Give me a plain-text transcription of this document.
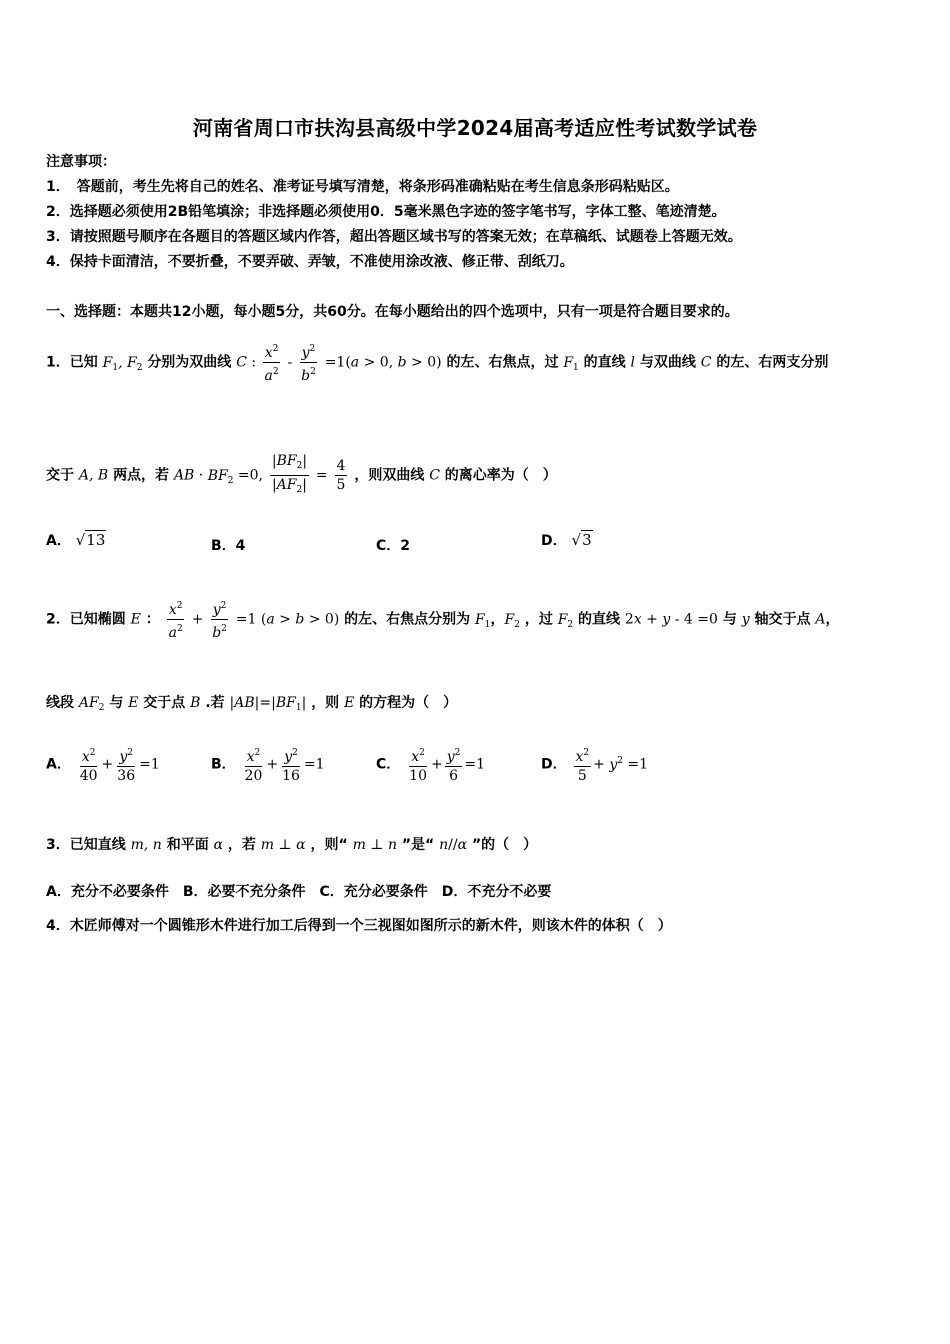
河南省周口市扶沟县高级中学2024届高考适应性考试数学试卷
注意事项：
1．　答题前，考生先将自己的姓名、准考证号填写清楚，将条形码准确粘贴在考生信息条形码粘贴区。
2．选择题必须使用2B铅笔填涂；非选择题必须使用0．5毫米黑色字迹的签字笔书写，字体工整、笔迹清楚。
3．请按照题号顺序在各题目的答题区域内作答，超出答题区域书写的答案无效；在草稿纸、试题卷上答题无效。
4．保持卡面清洁，不要折叠，不要弄破、弄皱，不准使用涂改液、修正带、刮纸刀。
一、选择题：本题共12小题，每小题5分，共60分。在每小题给出的四个选项中，只有一项是符合题目要求的。
1．已知 $F_1$, $F_2$ 分别为双曲线 C : $\frac{x^2}{a^2} - \frac{y^2}{b^2} =1(a > 0$, b > 0) 的左、右焦点，过 $F_1$ 的直线 l 与双曲线 C 的左、右两支分别
交于 A, B 两点，若 AB · $BF_2 =0$, $\frac{|BF_2|}{|AF_2|} = \frac{4}{5}$ ，则双曲线 C 的离心率为（　）
A． √13	B．4	C．2	D． √3
2．已知椭圆 E ： $\frac{x^2}{a^2} + \frac{y^2}{b^2} =1$ (a > b > 0) 的左、右焦点分别为 $F_1$，$F_2$ ，过 $F_2$ 的直线 2x + y - 4 =0 与 y 轴交于点 A，
线段 $AF_2$ 与 E 交于点 B .若 $|AB|=|BF_1|$ ，则 E 的方程为（　）
A． $\frac{x^2}{40} + \frac{y^2}{36} =1$	B． $\frac{x^2}{20} + \frac{y^2}{16} =1$	C． $\frac{x^2}{10} + \frac{y^2}{6} =1$	D． $\frac{x^2}{5} + y^2 =1$
3．已知直线 m, n 和平面 α ，若 m ⊥ α ，则“ m ⊥ n ”是“ n//α ”的（　）
A．充分不必要条件　B．必要不充分条件　C．充分必要条件　D．不充分不必要
4．木匠师傅对一个圆锥形木件进行加工后得到一个三视图如图所示的新木件，则该木件的体积（　）
